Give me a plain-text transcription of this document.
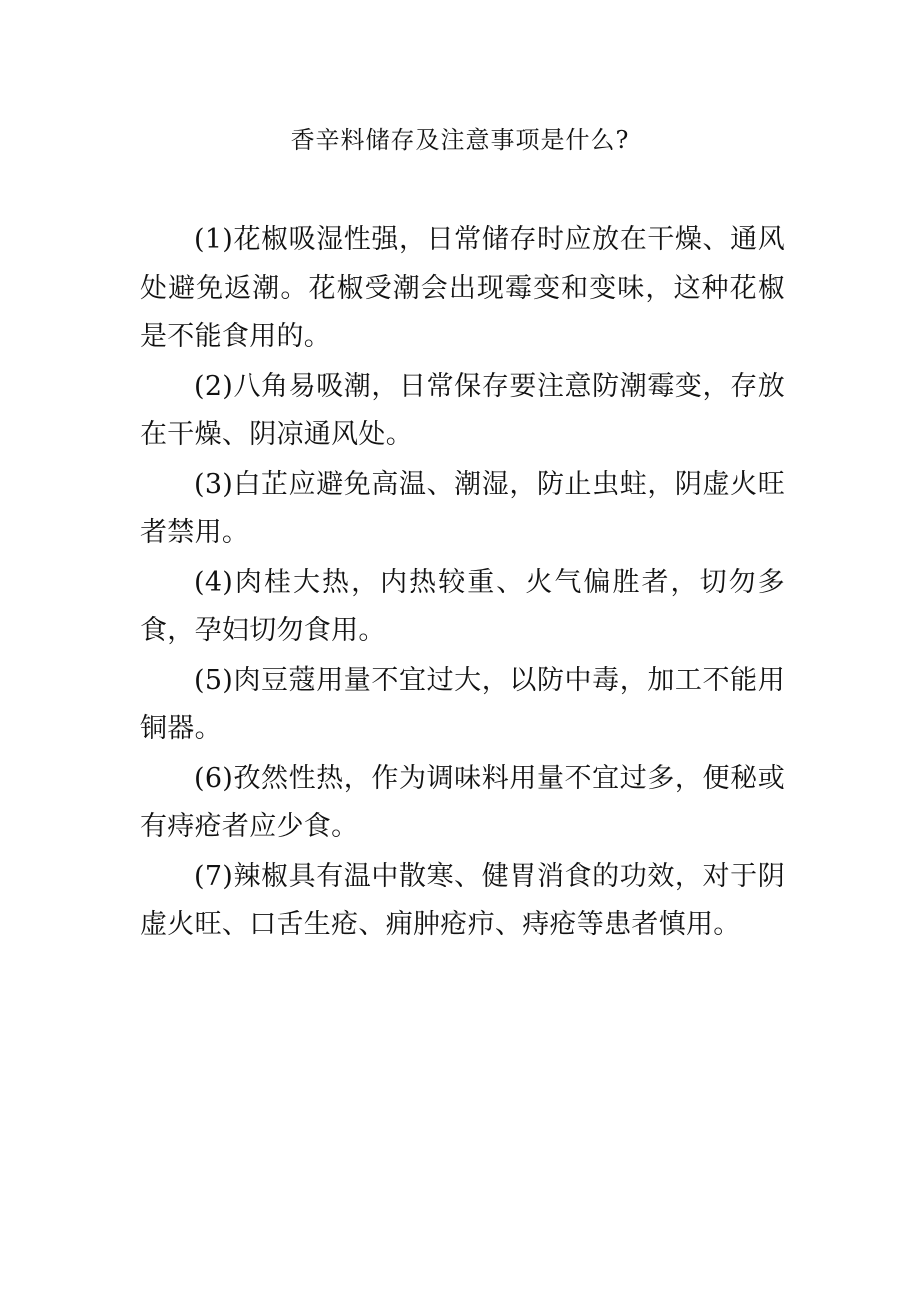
香辛料储存及注意事项是什么?

(1)花椒吸湿性强，日常储存时应放在干燥、通风处避免返潮。花椒受潮会出现霉变和变味，这种花椒是不能食用的。

(2)八角易吸潮，日常保存要注意防潮霉变，存放在干燥、阴凉通风处。

(3)白芷应避免高温、潮湿，防止虫蛀，阴虚火旺者禁用。

(4)肉桂大热，内热较重、火气偏胜者，切勿多食，孕妇切勿食用。

(5)肉豆蔻用量不宜过大，以防中毒，加工不能用铜器。

(6)孜然性热，作为调味料用量不宜过多，便秘或有痔疮者应少食。

(7)辣椒具有温中散寒、健胃消食的功效，对于阴虚火旺、口舌生疮、痈肿疮疖、痔疮等患者慎用。
